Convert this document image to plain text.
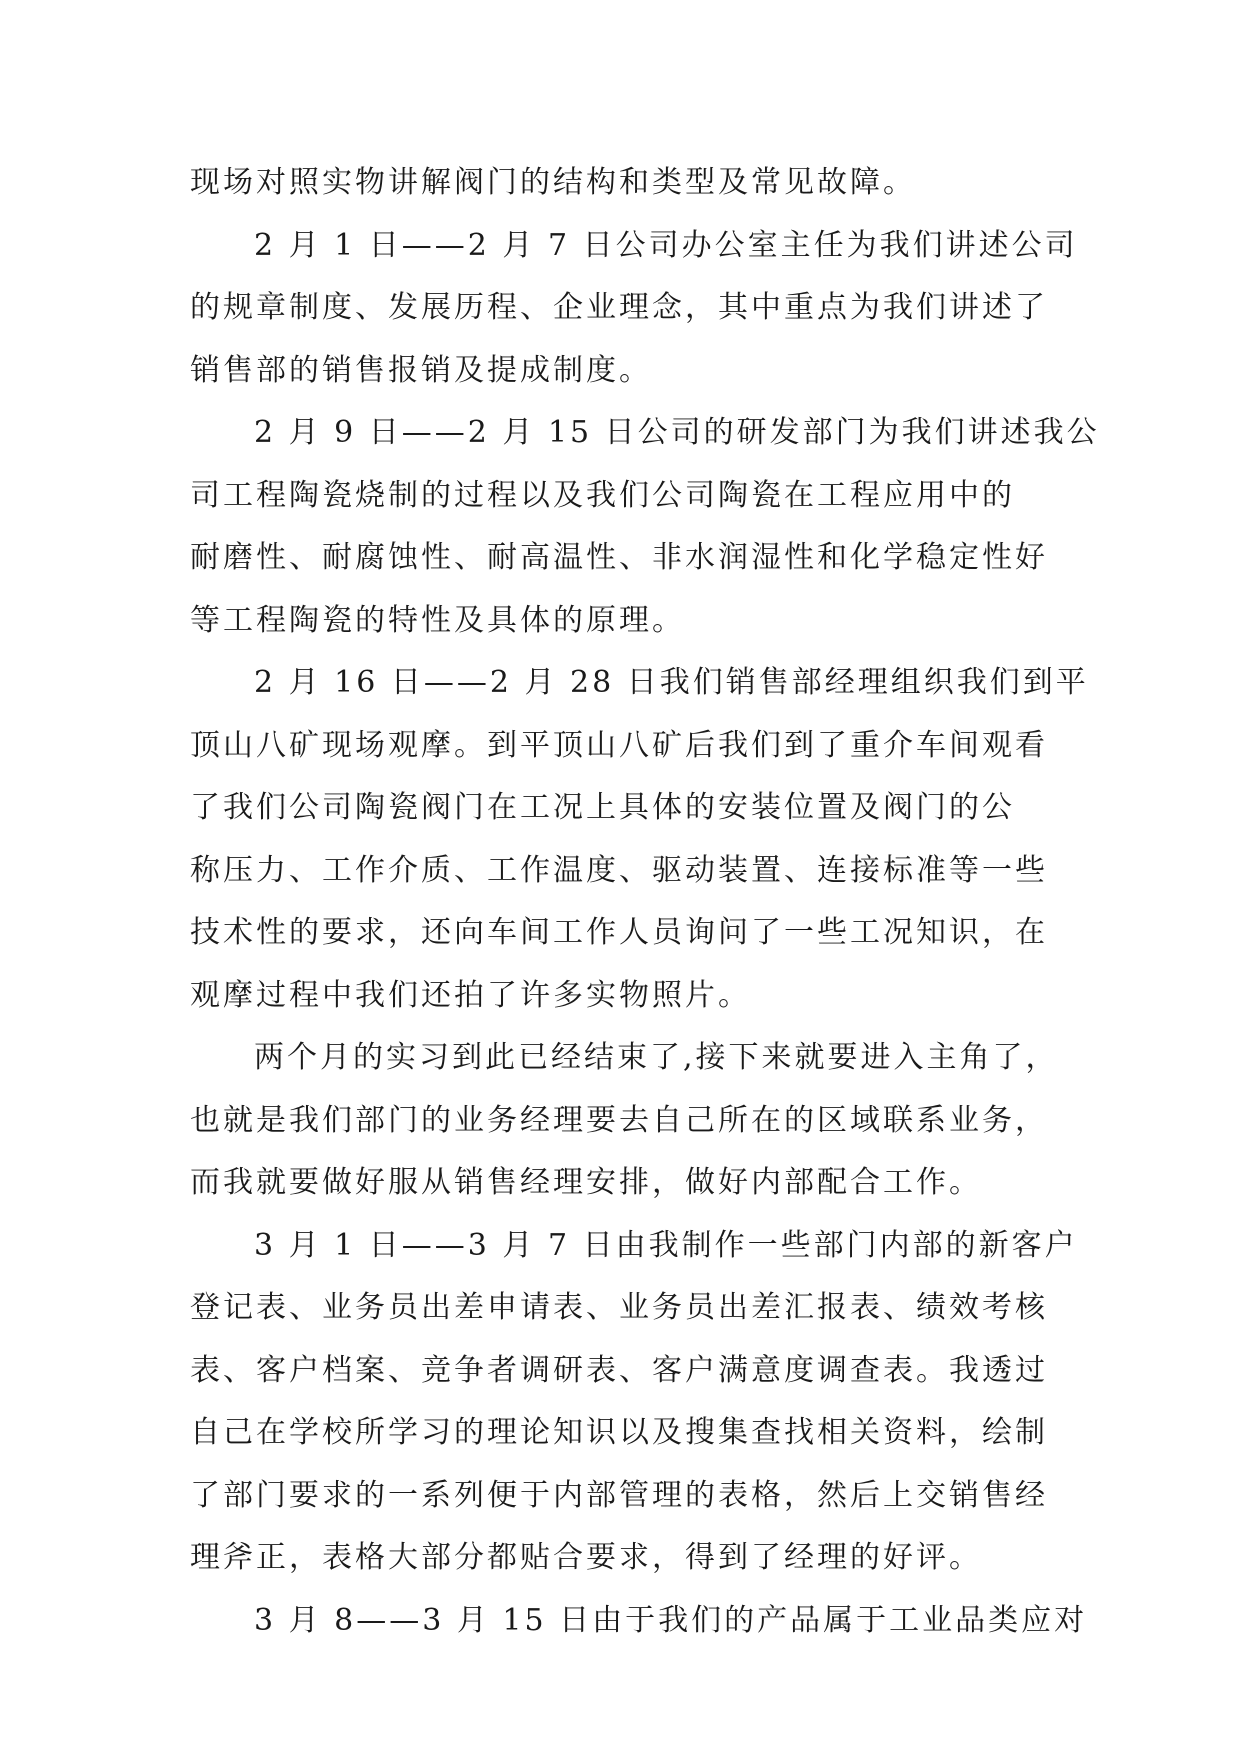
现场对照实物讲解阀门的结构和类型及常见故障。
2 月 1 日——2 月 7 日公司办公室主任为我们讲述公司
的规章制度、发展历程、企业理念，其中重点为我们讲述了
销售部的销售报销及提成制度。
2 月 9 日——2 月 15 日公司的研发部门为我们讲述我公
司工程陶瓷烧制的过程以及我们公司陶瓷在工程应用中的
耐磨性、耐腐蚀性、耐高温性、非水润湿性和化学稳定性好
等工程陶瓷的特性及具体的原理。
2 月 16 日——2 月 28 日我们销售部经理组织我们到平
顶山八矿现场观摩。到平顶山八矿后我们到了重介车间观看
了我们公司陶瓷阀门在工况上具体的安装位置及阀门的公
称压力、工作介质、工作温度、驱动装置、连接标准等一些
技术性的要求，还向车间工作人员询问了一些工况知识，在
观摩过程中我们还拍了许多实物照片。
两个月的实习到此已经结束了,接下来就要进入主角了，
也就是我们部门的业务经理要去自己所在的区域联系业务，
而我就要做好服从销售经理安排，做好内部配合工作。
3 月 1 日——3 月 7 日由我制作一些部门内部的新客户
登记表、业务员出差申请表、业务员出差汇报表、绩效考核
表、客户档案、竞争者调研表、客户满意度调查表。我透过
自己在学校所学习的理论知识以及搜集查找相关资料，绘制
了部门要求的一系列便于内部管理的表格，然后上交销售经
理斧正，表格大部分都贴合要求，得到了经理的好评。
3 月 8——3 月 15 日由于我们的产品属于工业品类应对
